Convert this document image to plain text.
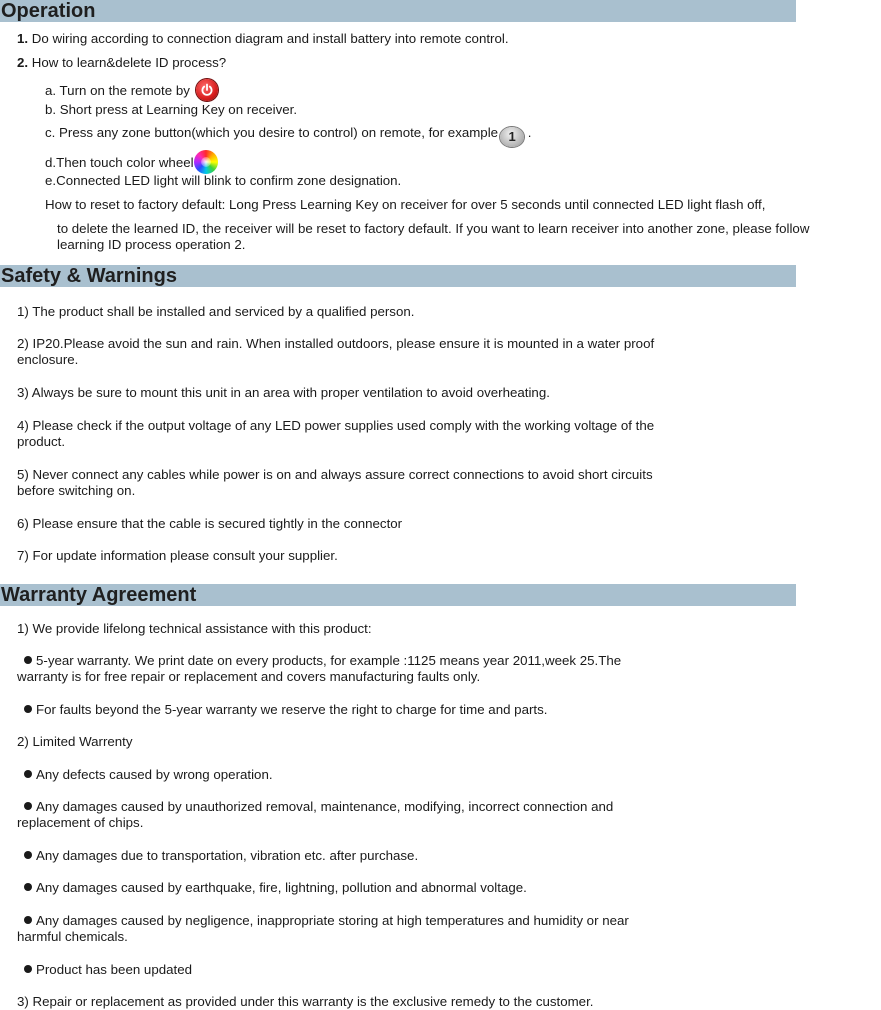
Operation
1. Do wiring according to connection diagram and install battery into remote control.
2. How to learn&delete ID process?
a. Turn on the remote by
b. Short press at Learning Key on receiver.
c. Press any zone button(which you desire to control) on remote, for example 1 .
d.Then touch color wheel
e.Connected LED light will blink to confirm zone designation.
How to reset to factory default: Long Press Learning Key on receiver for over 5 seconds until connected LED light flash off,
to delete the learned ID, the receiver will be reset to factory default. If you want to learn receiver into another zone, please follow
learning ID process operation 2.
Safety & Warnings
1) The product shall be installed and serviced by a qualified person.
2) IP20.Please avoid the sun and rain. When installed outdoors, please ensure it is mounted in a water proof
enclosure.
3) Always be sure to mount this unit in an area with proper ventilation to avoid overheating.
4) Please check if the output voltage of any LED power supplies used comply with the working voltage of the
product.
5) Never connect any cables while power is on and always assure correct connections to avoid short circuits
before switching on.
6) Please ensure that the cable is secured tightly in the connector
7) For update information please consult your supplier.
Warranty Agreement
1) We provide lifelong technical assistance with this product:
5-year warranty. We print date on every products, for example :1125 means year 2011,week 25.The
warranty is for free repair or replacement and covers manufacturing faults only.
For faults beyond the 5-year warranty we reserve the right to charge for time and parts.
2) Limited Warrenty
Any defects caused by wrong operation.
Any damages caused by unauthorized removal, maintenance, modifying, incorrect connection and
replacement of chips.
Any damages due to transportation, vibration etc. after purchase.
Any damages caused by earthquake, fire, lightning, pollution and abnormal voltage.
Any damages caused by negligence, inappropriate storing at high temperatures and humidity or near
harmful chemicals.
Product has been updated
3) Repair or replacement as provided under this warranty is the exclusive remedy to the customer.
